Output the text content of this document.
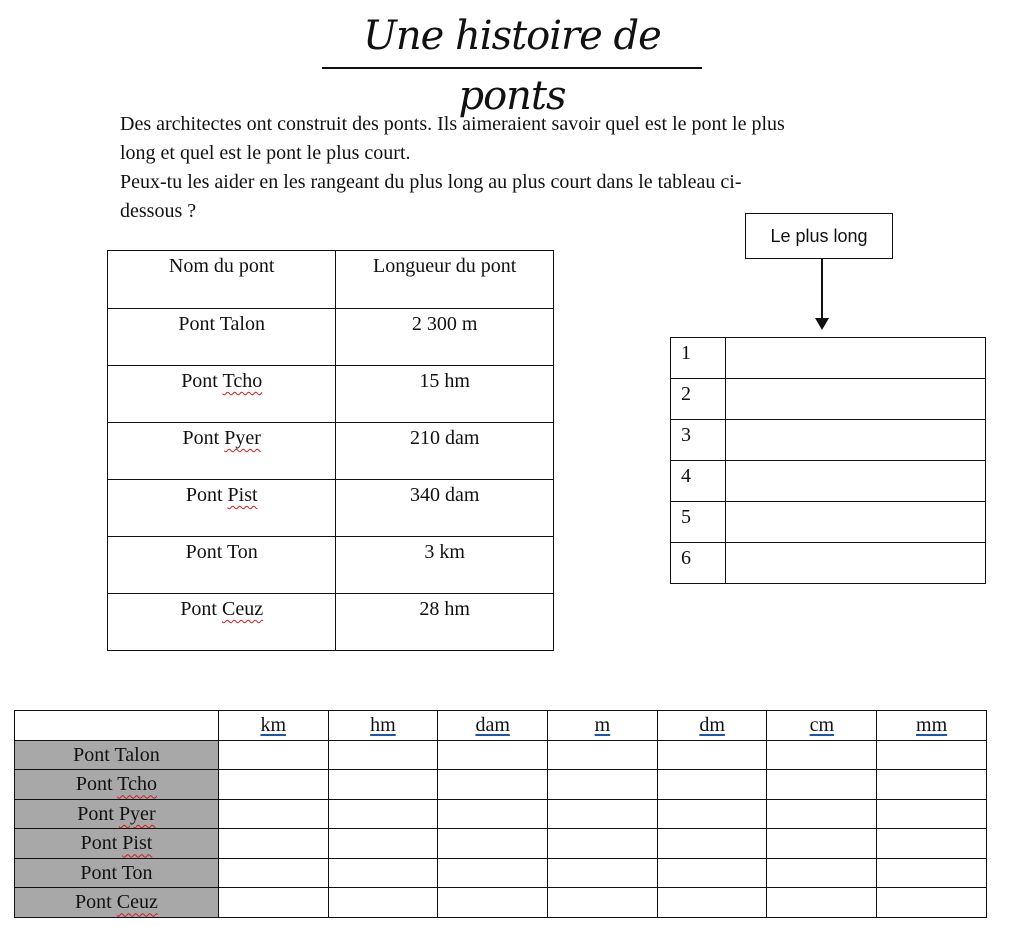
Une histoire de ponts

Des architectes ont construit des ponts. Ils aimeraient savoir quel est le pont le plus

long et quel est le pont le plus court.

Peux-tu les aider en les rangeant du plus long au plus court dans le tableau ci-

dessous ?

Le plus long
Nom du pont	Longueur du pont
Pont Talon	2 300 m
Pont Tcho	15 hm
Pont Pyer	210 dam
Pont Pist	340 dam
Pont Ton	3 km
Pont Ceuz	28 hm
1	
2	
3	
4	
5	
6	
	km	hm	dam	m	dm	cm	mm
Pont Talon							
Pont Tcho							
Pont Pyer							
Pont Pist							
Pont Ton							
Pont Ceuz							
